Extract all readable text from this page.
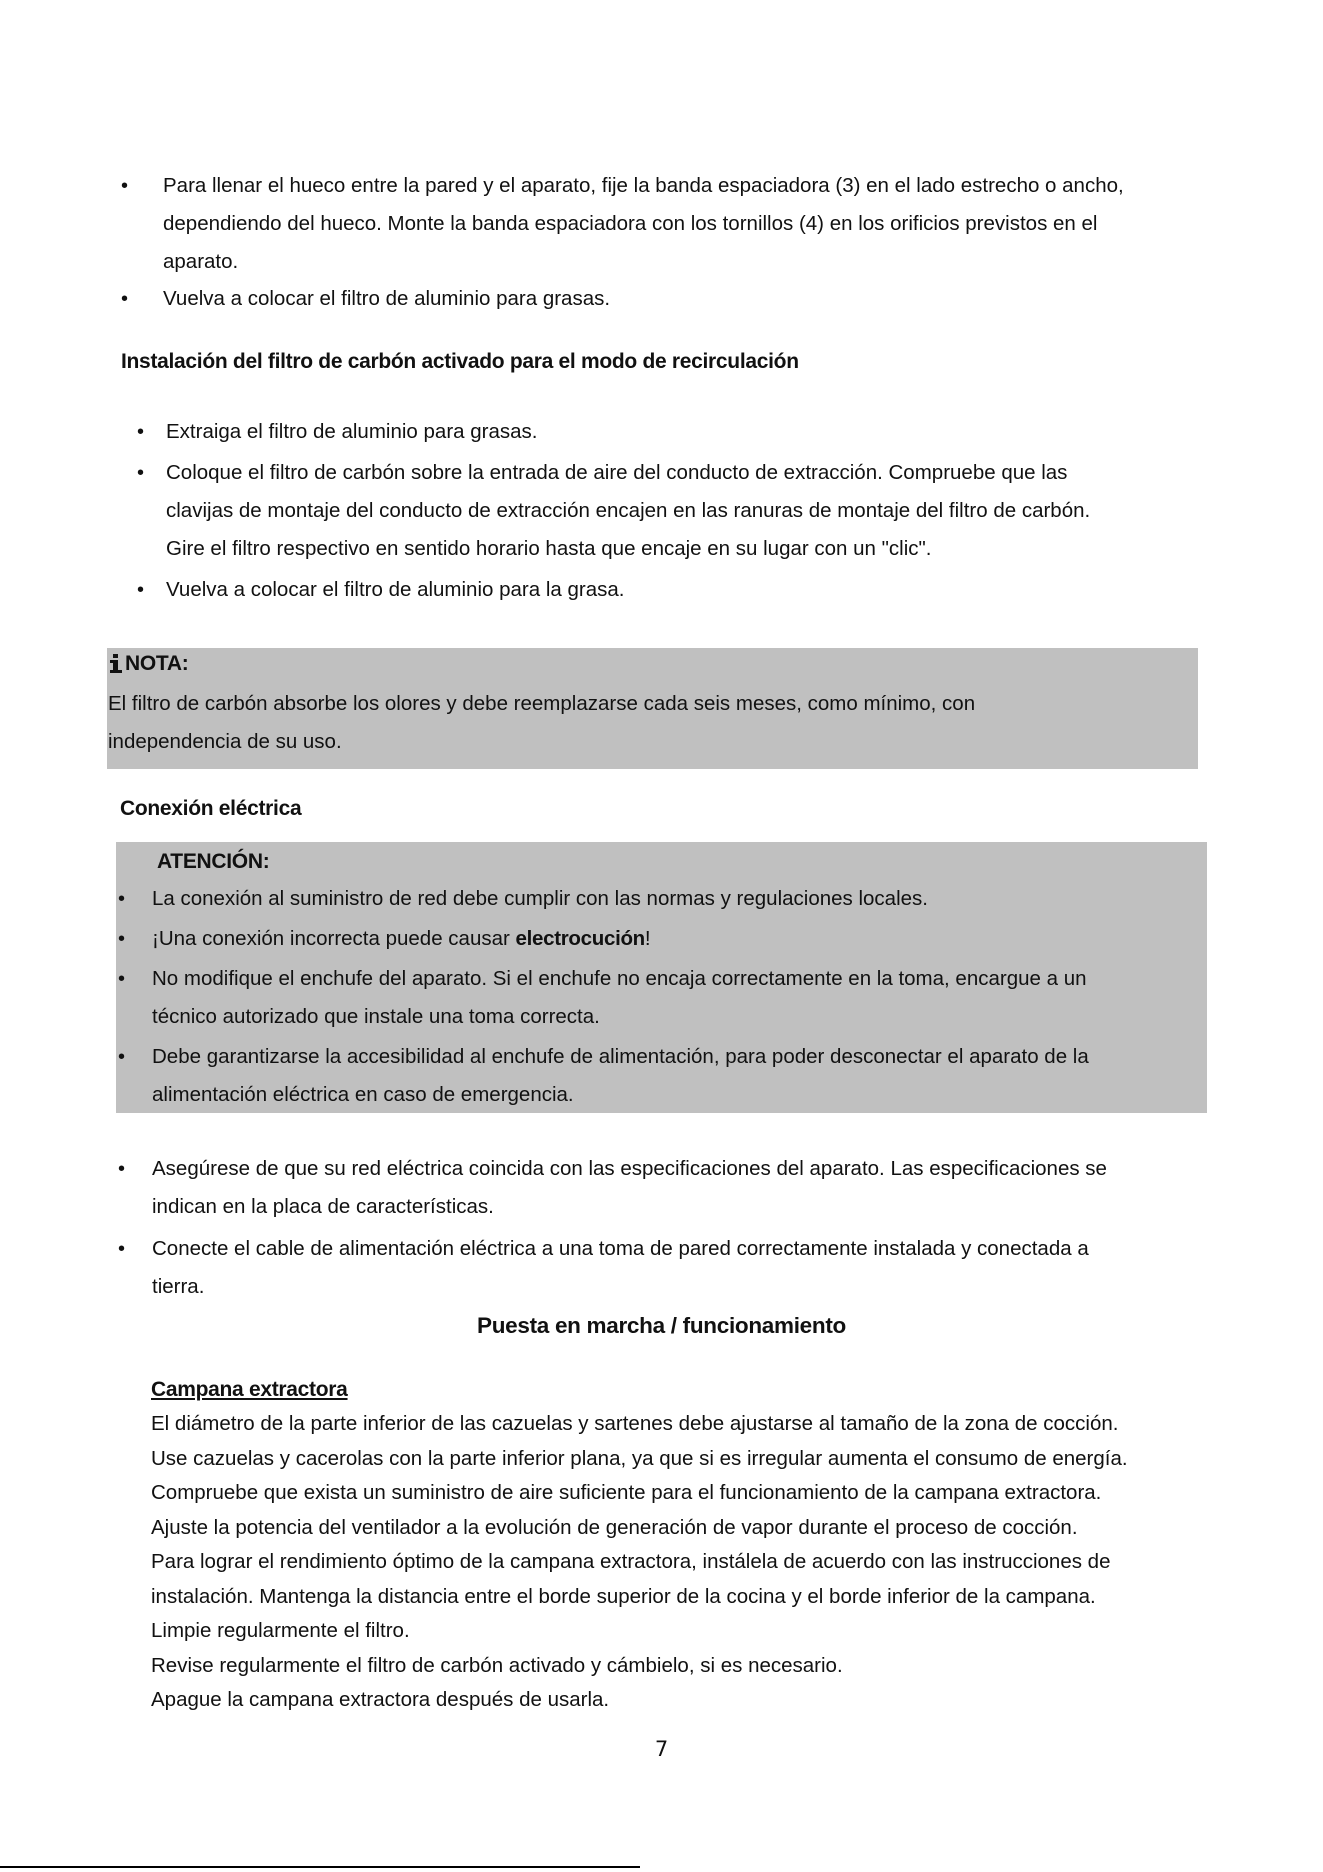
• Para llenar el hueco entre la pared y el aparato, fije la banda espaciadora (3) en el lado estrecho o ancho,
dependiendo del hueco. Monte la banda espaciadora con los tornillos (4) en los orificios previstos en el
aparato.
• Vuelva a colocar el filtro de aluminio para grasas.
Instalación del filtro de carbón activado para el modo de recirculación
• Extraiga el filtro de aluminio para grasas.
• Coloque el filtro de carbón sobre la entrada de aire del conducto de extracción. Compruebe que las
clavijas de montaje del conducto de extracción encajen en las ranuras de montaje del filtro de carbón.
Gire el filtro respectivo en sentido horario hasta que encaje en su lugar con un "clic".
• Vuelva a colocar el filtro de aluminio para la grasa.
NOTA:
El filtro de carbón absorbe los olores y debe reemplazarse cada seis meses, como mínimo, con
independencia de su uso.
Conexión eléctrica
ATENCIÓN:
• La conexión al suministro de red debe cumplir con las normas y regulaciones locales.
• ¡Una conexión incorrecta puede causar electrocución!
• No modifique el enchufe del aparato. Si el enchufe no encaja correctamente en la toma, encargue a un
técnico autorizado que instale una toma correcta.
• Debe garantizarse la accesibilidad al enchufe de alimentación, para poder desconectar el aparato de la
alimentación eléctrica en caso de emergencia.
• Asegúrese de que su red eléctrica coincida con las especificaciones del aparato. Las especificaciones se
indican en la placa de características.
• Conecte el cable de alimentación eléctrica a una toma de pared correctamente instalada y conectada a
tierra.
Puesta en marcha / funcionamiento
Campana extractora
El diámetro de la parte inferior de las cazuelas y sartenes debe ajustarse al tamaño de la zona de cocción.
Use cazuelas y cacerolas con la parte inferior plana, ya que si es irregular aumenta el consumo de energía.
Compruebe que exista un suministro de aire suficiente para el funcionamiento de la campana extractora.
Ajuste la potencia del ventilador a la evolución de generación de vapor durante el proceso de cocción.
Para lograr el rendimiento óptimo de la campana extractora, instálela de acuerdo con las instrucciones de
instalación. Mantenga la distancia entre el borde superior de la cocina y el borde inferior de la campana.
Limpie regularmente el filtro.
Revise regularmente el filtro de carbón activado y cámbielo, si es necesario.
Apague la campana extractora después de usarla.
7
